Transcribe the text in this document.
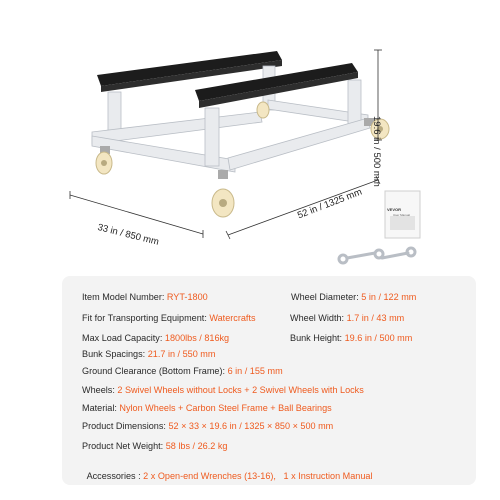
19.6 in / 500 mm
33 in / 850 mm
52 in / 1325 mm	VEVOR
User Manual
Item Model Number: RYT-1800
Fit for Transporting Equipment: Watercrafts
Max Load Capacity: 1800lbs / 816kg
Bunk Spacings: 21.7 in / 550 mm
Ground Clearance (Bottom Frame): 6 in / 155 mm
Wheels: 2 Swivel Wheels without Locks + 2 Swivel Wheels with Locks
Material: Nylon Wheels + Carbon Steel Frame + Ball Bearings
Product Dimensions: 52 × 33 × 19.6 in / 1325 × 850 × 500 mm
Product Net Weight: 58 lbs / 26.2 kg

Accessories : 2 x Open-end Wrenches (13-16),   1 x Instruction Manual

Wheel Diameter: 5 in / 122 mm
Wheel Width: 1.7 in / 43 mm
Bunk Height: 19.6 in / 500 mm
